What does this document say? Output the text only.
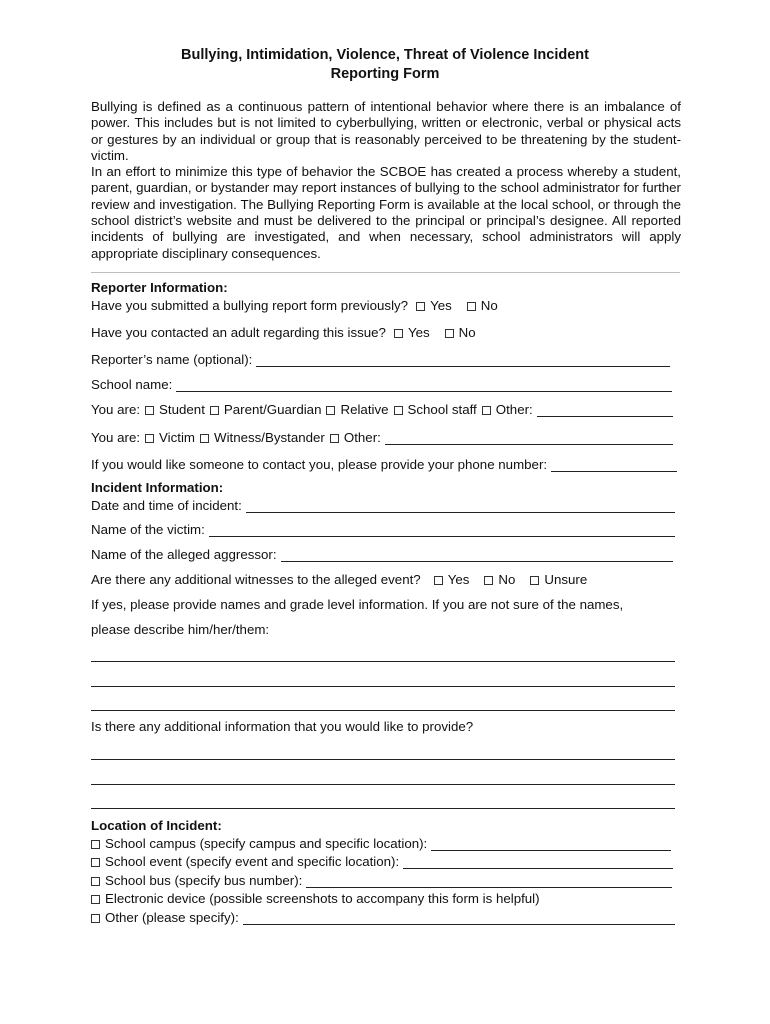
Bullying, Intimidation, Violence, Threat of Violence Incident
Reporting Form

Bullying is defined as a continuous pattern of intentional behavior where there is an imbalance of power. This includes but is not limited to cyberbullying, written or electronic, verbal or physical acts or gestures by an individual or group that is reasonably perceived to be threatening by the student-victim.

In an effort to minimize this type of behavior the SCBOE has created a process whereby a student, parent, guardian, or bystander may report instances of bullying to the school administrator for further review and investigation. The Bullying Reporting Form is available at the local school, or through the school district’s website and must be delivered to the principal or principal’s designee. All reported incidents of bullying are investigated, and when necessary, school administrators will apply appropriate disciplinary consequences.

Reporter Information:
Have you submitted a bullying report form previously? Yes No
Have you contacted an adult regarding this issue? Yes No
Reporter’s name (optional):
School name:
You are: Student Parent/Guardian Relative School staff Other:
You are: Victim Witness/Bystander Other:
If you would like someone to contact you, please provide your phone number:
Incident Information:
Date and time of incident:
Name of the victim:
Name of the alleged aggressor:
Are there any additional witnesses to the alleged event? Yes No Unsure
If yes, please provide names and grade level information. If you are not sure of the names,
please describe him/her/them:
Is there any additional information that you would like to provide?
Location of Incident:
School campus (specify campus and specific location):
School event (specify event and specific location):
School bus (specify bus number):
Electronic device (possible screenshots to accompany this form is helpful)
Other (please specify):
